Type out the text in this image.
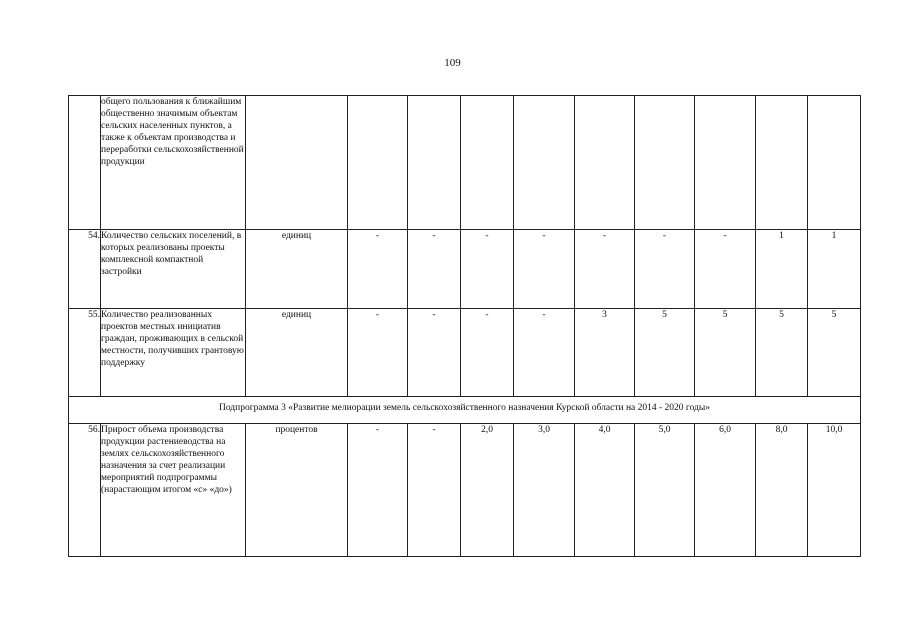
109
	общего пользования к ближайшим общественно значимым объектам сельских населенных пунктов, а также к объектам производства и переработки сельскохозяйственной продукции										
54.	Количество сельских поселений, в которых реализованы проекты комплексной компактной застройки	единиц	-	-	-	-	-	-	-	1	1
55.	Количество реализованных проектов местных инициатив граждан, проживающих в сельской местности, получивших грантовую поддержку	единиц	-	-	-	-	3	5	5	5	5
Подпрограмма 3 «Развитие мелиорации земель сельскохозяйственного назначения Курской области на 2014 - 2020 годы»											
56.	Прирост объема производства продукции растениеводства на землях сельскохозяйственного назначения за счет реализации мероприятий подпрограммы (нарастающим итогом «с» «до»)	процентов	-	-	2,0	3,0	4,0	5,0	6,0	8,0	10,0
